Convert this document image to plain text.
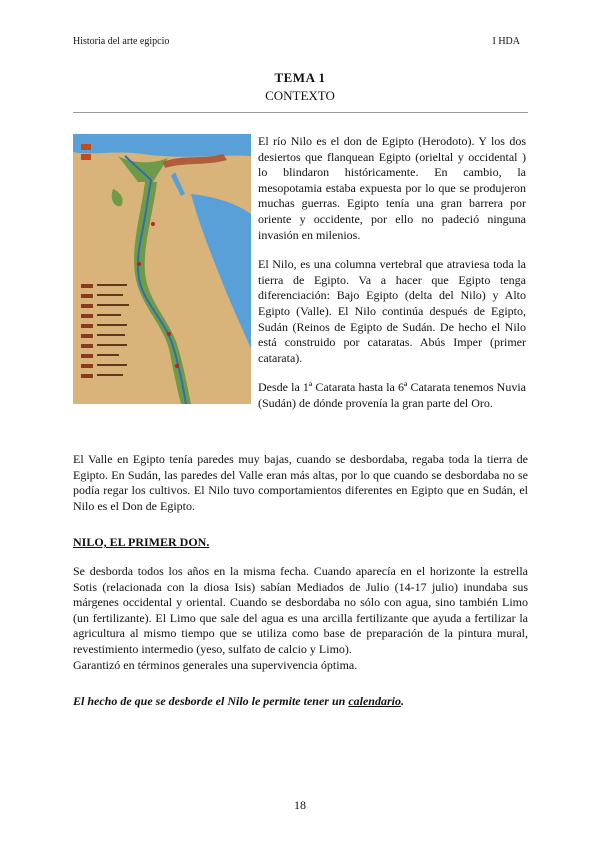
Historia del arte egipcio	I HDA
TEMA 1
CONTEXTO

El río Nilo es el don de Egipto (Herodoto). Y los dos desiertos que flanquean Egipto (orieltal y occidental ) lo blindaron históricamente. En cambio, la mesopotamia estaba expuesta por lo que se produjeron muchas guerras. Egipto tenía una gran barrera por oriente y occidente, por ello no padeció ninguna invasión en milenios.

El Nilo, es una columna vertebral que atraviesa toda la tierra de Egipto. Va a hacer que Egipto tenga diferenciación: Bajo Egipto (delta del Nilo) y Alto Egipto (Valle). El Nilo continúa después de Egipto, Sudán (Reinos de Egipto de Sudán. De hecho el Nilo está construido por cataratas. Abús Imper (primer catarata).

Desde la 1ª Catarata hasta la 6ª Catarata tenemos Nuvia (Sudán) de dónde provenía la gran parte del Oro.

El Valle en Egipto tenía paredes muy bajas, cuando se desbordaba, regaba toda la tierra de Egipto. En Sudán, las paredes del Valle eran más altas, por lo que cuando se desbordaba no se podía regar los cultivos. El Nilo tuvo comportamientos diferentes en Egipto que en Sudán, el Nilo es el Don de Egipto.

NILO, EL PRIMER DON.

Se desborda todos los años en la misma fecha. Cuando aparecía en el horizonte la estrella Sotis (relacionada con la diosa Isis) sabían Mediados de Julio (14-17 julio) inundaba sus márgenes occidental y oriental. Cuando se desbordaba no sólo con agua, sino también Limo (un fertilizante). El Limo que sale del agua es una arcilla fertilizante que ayuda a fertilizar la agricultura al mismo tiempo que se utiliza como base de preparación de la pintura mural, revestimiento intermedio (yeso, sulfato de calcio y Limo).

Garantizó en términos generales una supervivencia óptima.

El hecho de que se desborde el Nilo le permite tener un calendario.
18
